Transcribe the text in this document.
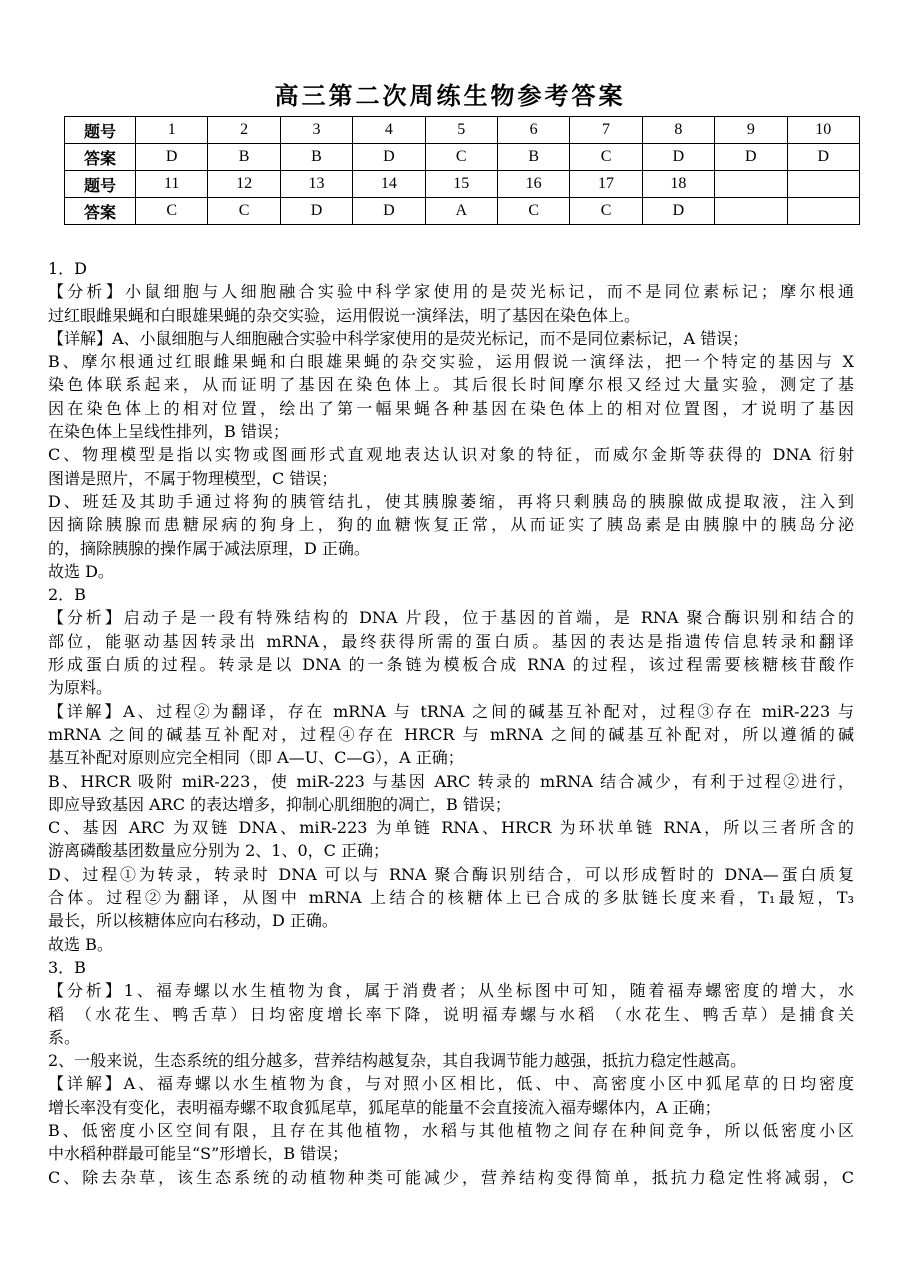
高三第二次周练生物参考答案
题号	1	2	3	4	5	6	7	8	9	10
答案	D	B	B	D	C	B	C	D	D	D
题号	11	12	13	14	15	16	17	18		
答案	C	C	D	D	A	C	C	D		

1．D

【分析】小鼠细胞与人细胞融合实验中科学家使用的是荧光标记，而不是同位素标记；摩尔根通

过红眼雌果蝇和白眼雄果蝇的杂交实验，运用假说一演绎法，明了基因在染色体上。

【详解】A、小鼠细胞与人细胞融合实验中科学家使用的是荧光标记，而不是同位素标记，A 错误；

B、摩尔根通过红眼雌果蝇和白眼雄果蝇的杂交实验，运用假说一演绎法，把一个特定的基因与 X

染色体联系起来，从而证明了基因在染色体上。其后很长时间摩尔根又经过大量实验，测定了基

因在染色体上的相对位置，绘出了第一幅果蝇各种基因在染色体上的相对位置图，才说明了基因

在染色体上呈线性排列，B 错误；

C、物理模型是指以实物或图画形式直观地表达认识对象的特征，而威尔金斯等获得的 DNA 衍射

图谱是照片，不属于物理模型，C 错误；

D、班廷及其助手通过将狗的胰管结扎，使其胰腺萎缩，再将只剩胰岛的胰腺做成提取液，注入到

因摘除胰腺而患糖尿病的狗身上，狗的血糖恢复正常，从而证实了胰岛素是由胰腺中的胰岛分泌

的，摘除胰腺的操作属于减法原理，D 正确。

故选 D。

2．B

【分析】启动子是一段有特殊结构的 DNA 片段，位于基因的首端，是 RNA 聚合酶识别和结合的

部位，能驱动基因转录出 mRNA，最终获得所需的蛋白质。基因的表达是指遗传信息转录和翻译

形成蛋白质的过程。转录是以 DNA 的一条链为模板合成 RNA 的过程，该过程需要核糖核苷酸作

为原料。

【详解】A、过程②为翻译，存在 mRNA 与 tRNA 之间的碱基互补配对，过程③存在 miR-223 与

mRNA 之间的碱基互补配对，过程④存在 HRCR 与 mRNA 之间的碱基互补配对，所以遵循的碱

基互补配对原则应完全相同（即 A—U、C—G），A 正确；

B、HRCR 吸附 miR-223，使 miR-223 与基因 ARC 转录的 mRNA 结合减少，有利于过程②进行，

即应导致基因 ARC 的表达增多，抑制心肌细胞的凋亡，B 错误；

C、基因 ARC 为双链 DNA、miR-223 为单链 RNA、HRCR 为环状单链 RNA，所以三者所含的

游离磷酸基团数量应分别为 2、1、0，C 正确；

D、过程①为转录，转录时 DNA 可以与 RNA 聚合酶识别结合，可以形成暂时的 DNA—蛋白质复

合体。过程②为翻译，从图中 mRNA 上结合的核糖体上已合成的多肽链长度来看，T₁最短，T₃

最长，所以核糖体应向右移动，D 正确。

故选 B。

3．B

【分析】1、福寿螺以水生植物为食，属于消费者；从坐标图中可知，随着福寿螺密度的增大，水

稻 （水花生、鸭舌草）日均密度增长率下降，说明福寿螺与水稻 （水花生、鸭舌草）是捕食关

系。

2、一般来说，生态系统的组分越多，营养结构越复杂，其自我调节能力越强，抵抗力稳定性越高。

【详解】A、福寿螺以水生植物为食，与对照小区相比，低、中、高密度小区中狐尾草的日均密度

增长率没有变化，表明福寿螺不取食狐尾草，狐尾草的能量不会直接流入福寿螺体内，A 正确；

B、低密度小区空间有限，且存在其他植物，水稻与其他植物之间存在种间竞争，所以低密度小区

中水稻种群最可能呈“S”形增长，B 错误；

C、除去杂草，该生态系统的动植物种类可能减少，营养结构变得简单，抵抗力稳定性将减弱，C
